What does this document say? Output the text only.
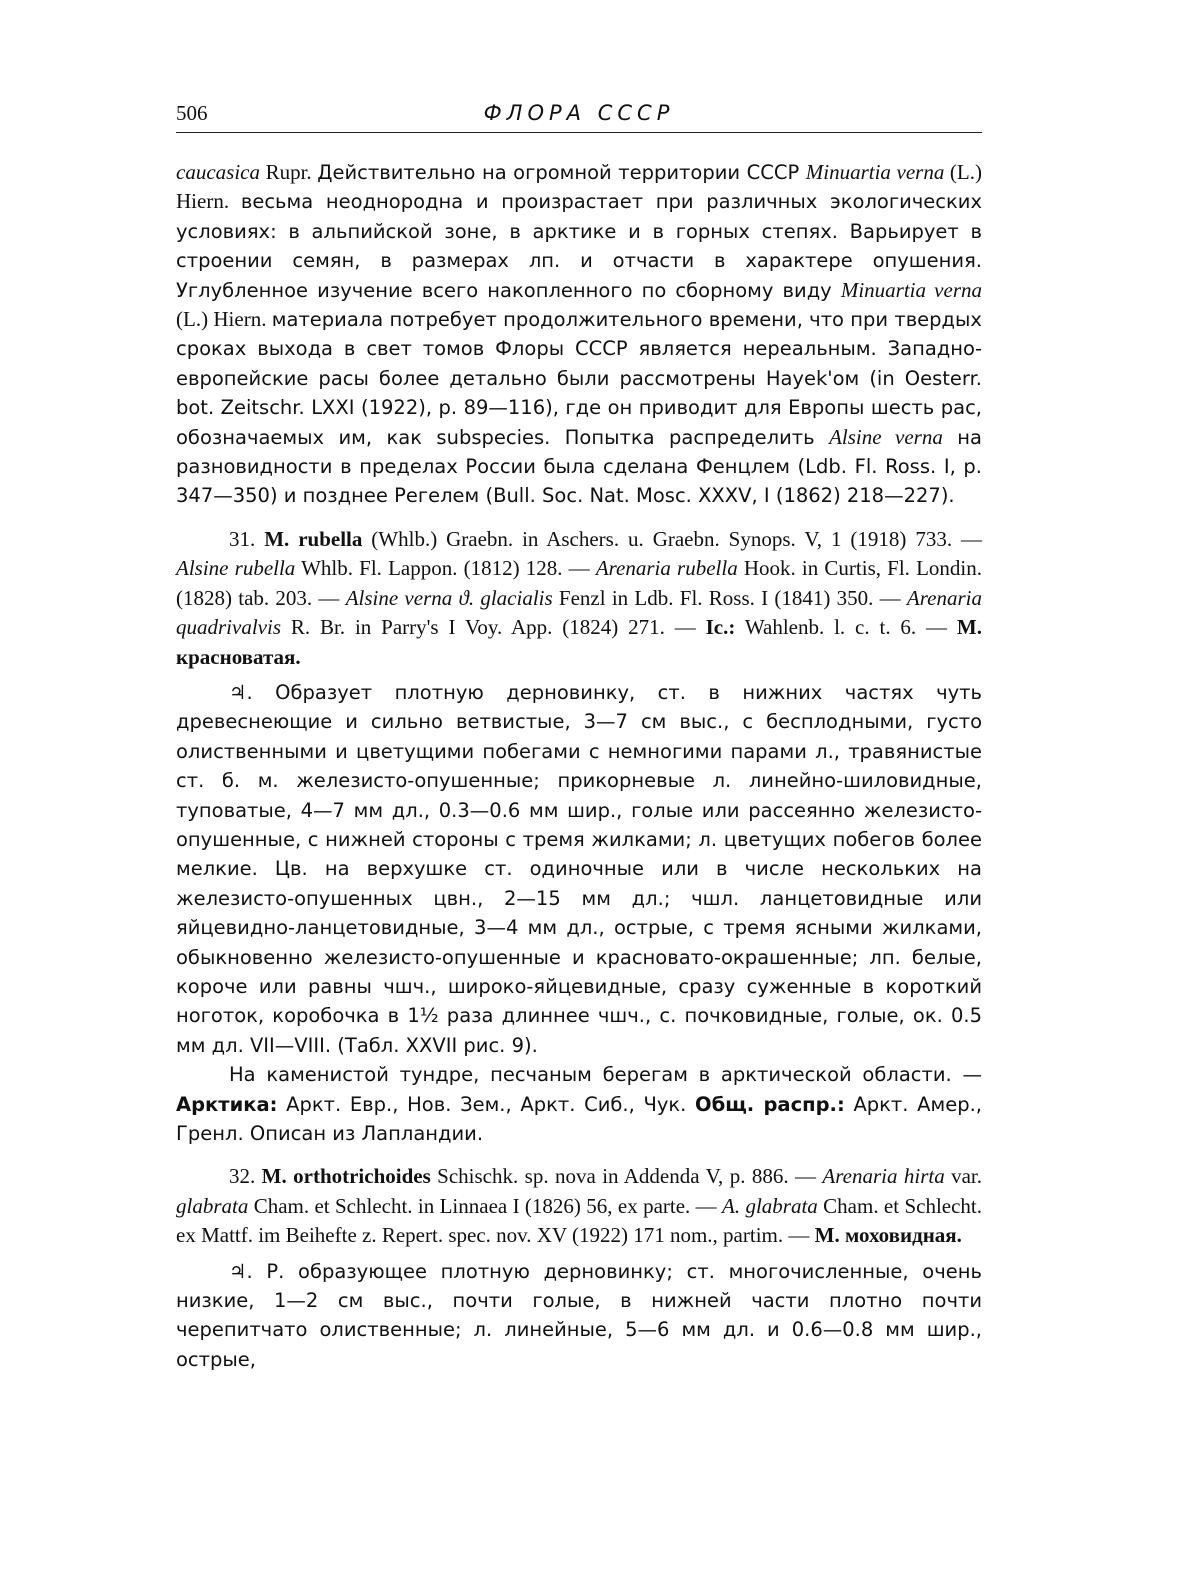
506	ФЛОРА СССР

caucasica Rupr. Действительно на огромной территории СССР Minuartia verna (L.) Hiern. весьма неоднородна и произрастает при различных экологических условиях: в альпийской зоне, в арктике и в горных степях. Варьирует в строении семян, в размерах лп. и отчасти в характере опушения. Углубленное изучение всего накопленного по сборному виду Minuartia verna (L.) Hiern. материала потребует продолжительного времени, что при твердых сроках выхода в свет томов Флоры СССР является нереальным. Западно-европейские расы более детально были рассмотрены Hayek'ом (in Oesterr. bot. Zeitschr. LXXI (1922), p. 89—116), где он приводит для Европы шесть рас, обозначаемых им, как subspecies. Попытка распределить Alsine verna на разновидности в пределах России была сделана Фенцлем (Ldb. Fl. Ross. I, p. 347—350) и позднее Регелем (Bull. Soc. Nat. Mosc. XXXV, I (1862) 218—227).

31. M. rubella (Whlb.) Graebn. in Aschers. u. Graebn. Synops. V, 1 (1918) 733. — Alsine rubella Whlb. Fl. Lappon. (1812) 128. — Arenaria rubella Hook. in Curtis, Fl. Londin. (1828) tab. 203. — Alsine verna ϑ. glacialis Fenzl in Ldb. Fl. Ross. I (1841) 350. — Arenaria quadrivalvis R. Br. in Parry's I Voy. App. (1824) 271. — Ic.: Wahlenb. l. c. t. 6. — М. красноватая.

♃. Образует плотную дерновинку, ст. в нижних частях чуть древеснеющие и сильно ветвистые, 3—7 см выс., с бесплодными, густо олиственными и цветущими побегами с немногими парами л., травянистые ст. б. м. железисто-опушенные; прикорневые л. линейно-шиловидные, туповатые, 4—7 мм дл., 0.3—0.6 мм шир., голые или рассеянно железисто-опушенные, с нижней стороны с тремя жилками; л. цветущих побегов более мелкие. Цв. на верхушке ст. одиночные или в числе нескольких на железисто-опушенных цвн., 2—15 мм дл.; чшл. ланцетовидные или яйцевидно-ланцетовидные, 3—4 мм дл., острые, с тремя ясными жилками, обыкновенно железисто-опушенные и красновато-окрашенные; лп. белые, короче или равны чшч., широко-яйцевидные, сразу суженные в короткий ноготок, коробочка в 1½ раза длиннее чшч., с. почковидные, голые, ок. 0.5 мм дл. VII—VIII. (Табл. XXVII рис. 9).

На каменистой тундре, песчаным берегам в арктической области. — Арктика: Аркт. Евр., Нов. Зем., Аркт. Сиб., Чук. Общ. распр.: Аркт. Амер., Гренл. Описан из Лапландии.

32. M. orthotrichoides Schischk. sp. nova in Addenda V, p. 886. — Arenaria hirta var. glabrata Cham. et Schlecht. in Linnaea I (1826) 56, ex parte. — A. glabrata Cham. et Schlecht. ex Mattf. im Beihefte z. Repert. spec. nov. XV (1922) 171 nom., partim. — М. моховидная.

♃. Р. образующее плотную дерновинку; ст. многочисленные, очень низкие, 1—2 см выс., почти голые, в нижней части плотно почти черепитчато олиственные; л. линейные, 5—6 мм дл. и 0.6—0.8 мм шир., острые,
